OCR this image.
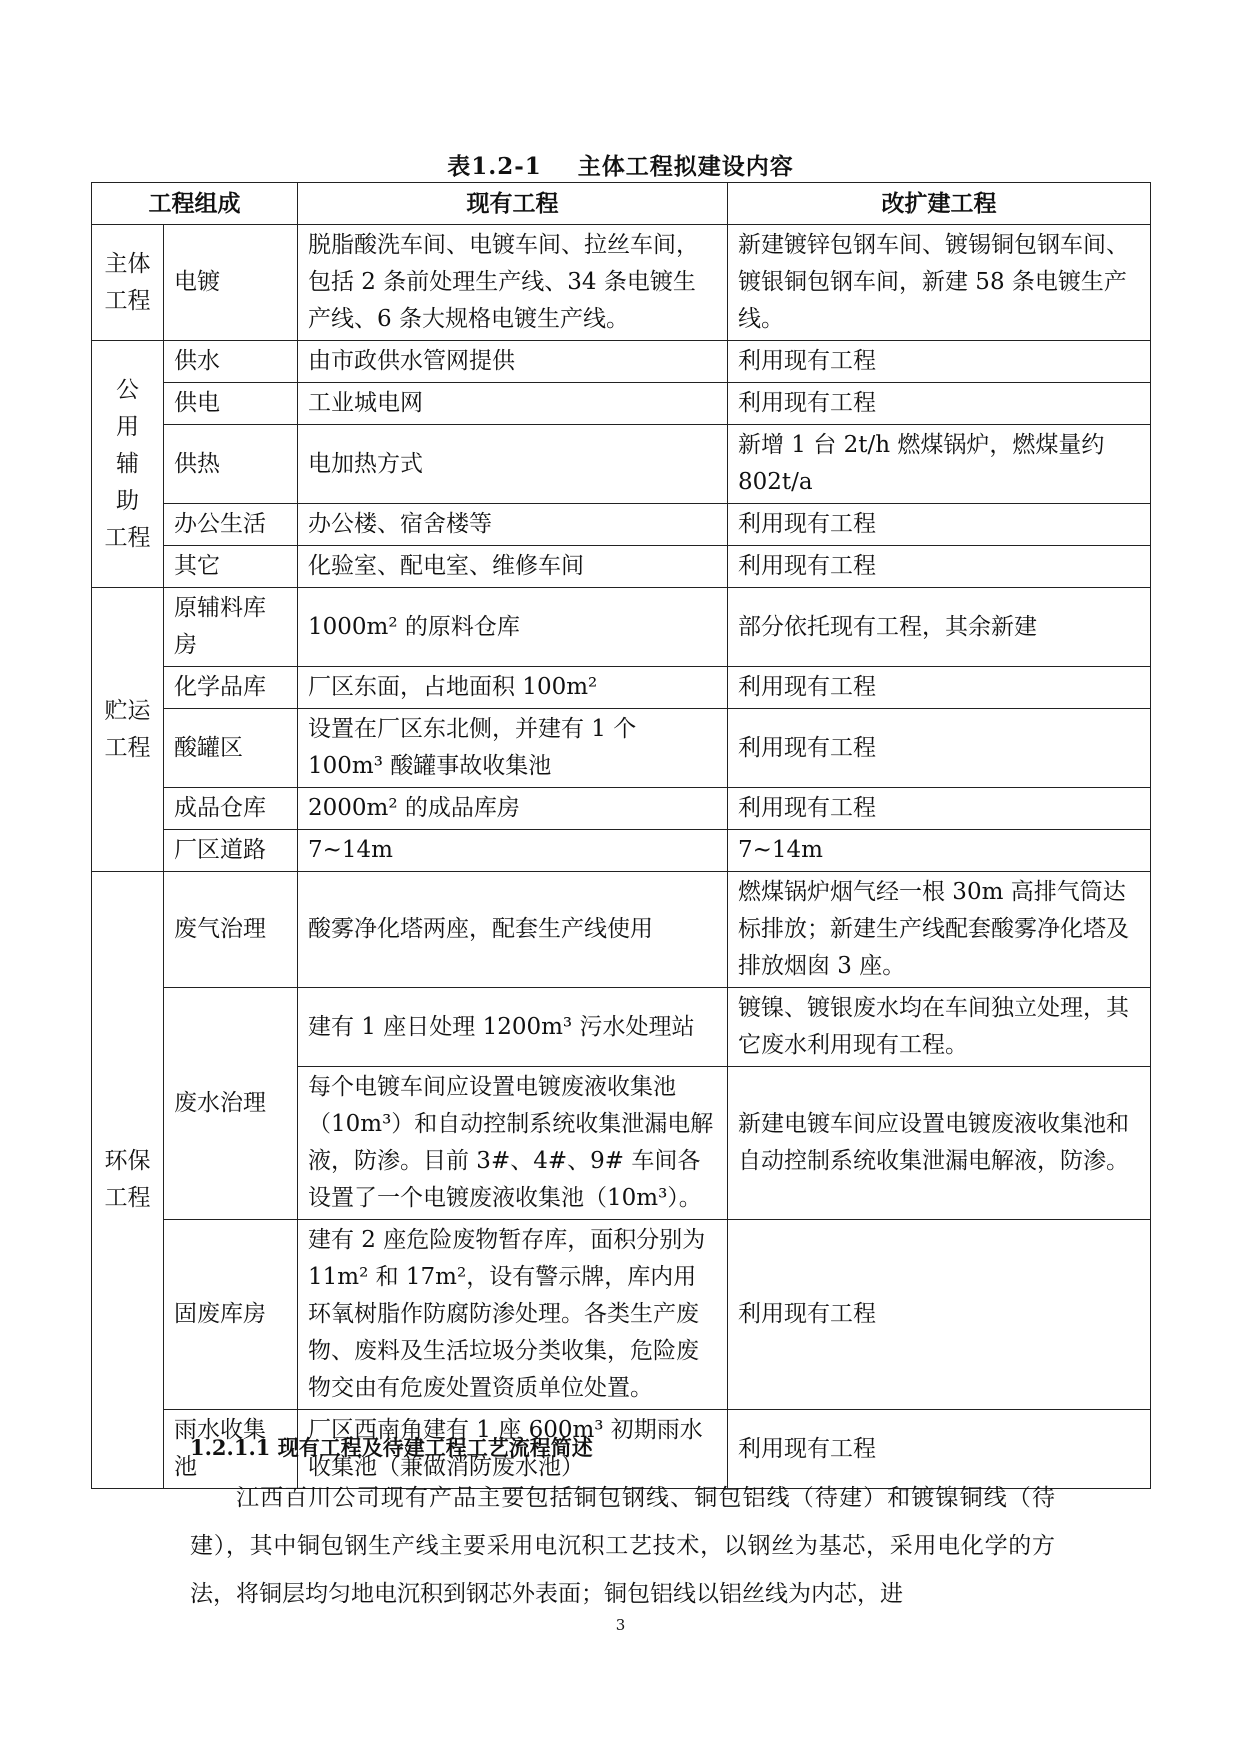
表1.2-1 主体工程拟建设内容
工程组成		现有工程	改扩建工程

主体
工程	电镀	脱脂酸洗车间、电镀车间、拉丝车间，包括 2 条前处理生产线、34 条电镀生产线、6 条大规格电镀生产线。	新建镀锌包钢车间、镀锡铜包钢车间、镀银铜包钢车间，新建 58 条电镀生产线。

公 用
辅 助
工程	供水	由市政供水管网提供	利用现有工程
	供电	工业城电网	利用现有工程
	供热	电加热方式	新增 1 台 2t/h 燃煤锅炉，燃煤量约 802t/a
	办公生活	办公楼、宿舍楼等	利用现有工程
	其它	化验室、配电室、维修车间	利用现有工程

贮运
工程	原辅料库房	1000m² 的原料仓库	部分依托现有工程，其余新建
	化学品库	厂区东面，占地面积 100m²	利用现有工程
	酸罐区	设置在厂区东北侧，并建有 1 个 100m³ 酸罐事故收集池	利用现有工程
	成品仓库	2000m² 的成品库房	利用现有工程
	厂区道路	7~14m	7~14m

环保
工程	废气治理	酸雾净化塔两座，配套生产线使用	燃煤锅炉烟气经一根 30m 高排气筒达标排放；新建生产线配套酸雾净化塔及排放烟囱 3 座。
	废水治理	建有 1 座日处理 1200m³ 污水处理站	镀镍、镀银废水均在车间独立处理，其它废水利用现有工程。
		每个电镀车间应设置电镀废液收集池（10m³）和自动控制系统收集泄漏电解液，防渗。目前 3#、4#、9# 车间各设置了一个电镀废液收集池（10m³）。	新建电镀车间应设置电镀废液收集池和自动控制系统收集泄漏电解液，防渗。
	固废库房	建有 2 座危险废物暂存库，面积分别为 11m² 和 17m²，设有警示牌，库内用环氧树脂作防腐防渗处理。各类生产废物、废料及生活垃圾分类收集，危险废物交由有危废处置资质单位处置。	利用现有工程
	雨水收集池	厂区西南角建有 1 座 600m³ 初期雨水收集池（兼做消防废水池）	利用现有工程
1.2.1.1 现有工程及待建工程工艺流程简述

江西百川公司现有产品主要包括铜包钢线、铜包铝线（待建）和镀镍铜线（待建），其中铜包钢生产线主要采用电沉积工艺技术，以钢丝为基芯，采用电化学的方法，将铜层均匀地电沉积到钢芯外表面；铜包铝线以铝丝线为内芯，进

3
